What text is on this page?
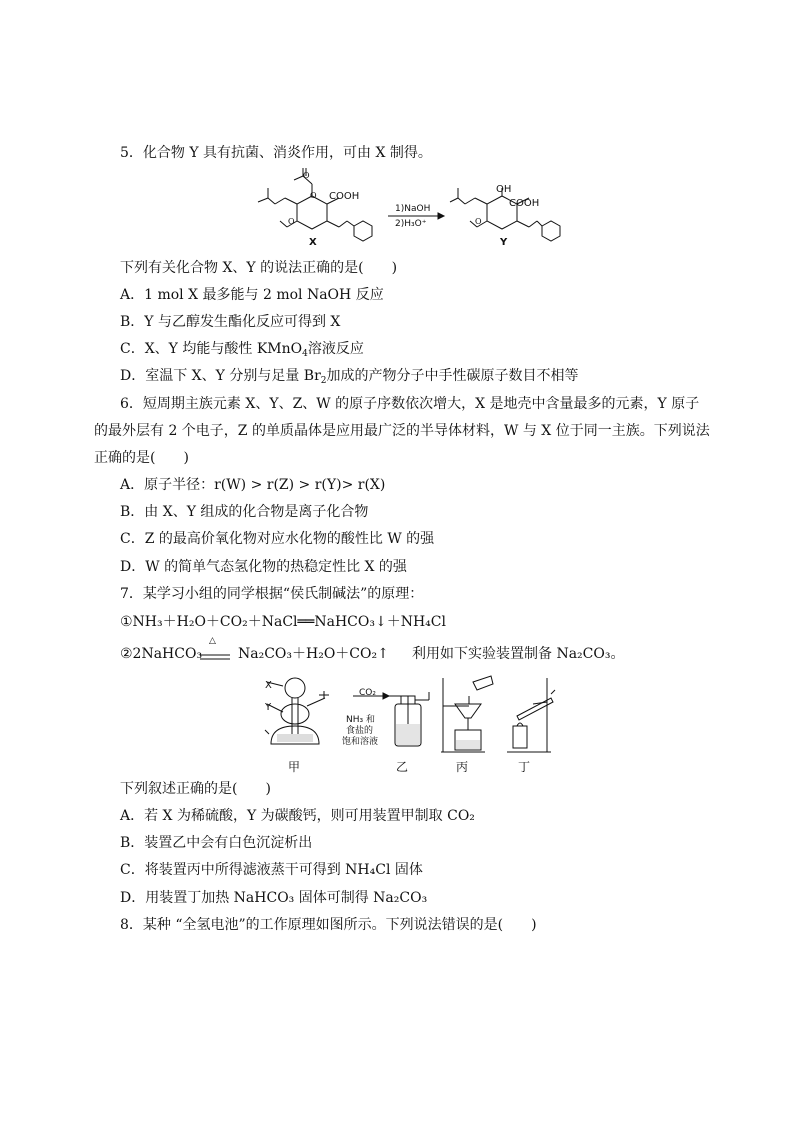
5．化合物 Y 具有抗菌、消炎作用，可由 X 制得。
O
O
O
O
COOH
X
1)NaOH
2)H₃O⁺
OH
COOH
Y
下列有关化合物 X、Y 的说法正确的是(　　)
A．1 mol X 最多能与 2 mol NaOH 反应
B．Y 与乙醇发生酯化反应可得到 X
C．X、Y 均能与酸性 KMnO$_4$溶液反应
D．室温下 X、Y 分别与足量 $Br_2$加成的产物分子中手性碳原子数目不相等
6．短周期主族元素 X、Y、Z、W 的原子序数依次增大，X 是地壳中含量最多的元素，Y 原子
的最外层有 2 个电子，Z 的单质晶体是应用最广泛的半导体材料，W 与 X 位于同一主族。下列说法
正确的是(　　)
A．原子半径：r(W) > r(Z) > r(Y)> r(X)
B．由 X、Y 组成的化合物是离子化合物
C．Z 的最高价氧化物对应水化物的酸性比 W 的强
D．W 的简单气态氢化物的热稳定性比 X 的强
7．某学习小组的同学根据“侯氏制碱法”的原理：
①NH₃＋H₂O＋CO₂＋NaCl══NaHCO₃↓＋NH₄Cl
②2NaHCO₃
△
Na₂CO₃＋H₂O＋CO₂↑ 利用如下实验装置制备 Na₂CO₃。
X
Y
CO₂
NH₃ 和
食盐的
饱和溶液
甲	乙	丙	丁
下列叙述正确的是(　　)
A．若 X 为稀硫酸，Y 为碳酸钙，则可用装置甲制取 CO₂
B．装置乙中会有白色沉淀析出
C．将装置丙中所得滤液蒸干可得到 NH₄Cl 固体
D．用装置丁加热 NaHCO₃ 固体可制得 Na₂CO₃
8．某种 “全氢电池”的工作原理如图所示。下列说法错误的是(　　)
